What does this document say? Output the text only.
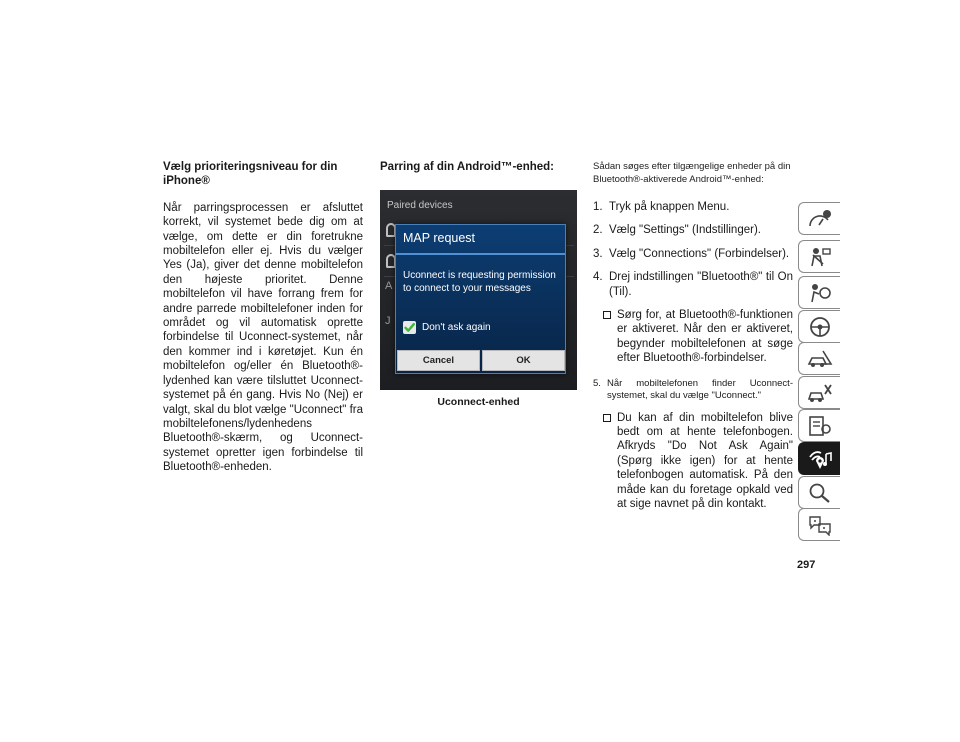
Vælg prioriteringsniveau for din iPhone®

Når parringsprocessen er afsluttet korrekt, vil systemet bede dig om at vælge, om dette er din foretrukne mobiltelefon eller ej. Hvis du vælger Yes (Ja), giver det denne mobiltelefon den højeste prioritet. Denne mobiltelefon vil have forrang frem for andre parrede mobiltelefoner inden for området og vil automatisk oprette forbindelse til Uconnect-systemet, når den kommer ind i køretøjet. Kun én mobiltelefon og/eller én Bluetooth®-lydenhed kan være tilsluttet Uconnect-systemet på én gang. Hvis No (Nej) er valgt, skal du blot vælge "Uconnect" fra mobiltelefonens/lydenhedens Bluetooth®-skærm, og Uconnect-systemet opretter igen forbindelse til Bluetooth®-enheden.

Parring af din Android™-enhed:

Paired devices
A
J
MAP request
Uconnect is requesting permission to connect to your messages
Don't ask again
Cancel	OK
Uconnect-enhed

Sådan søges efter tilgængelige enheder på din Bluetooth®-aktiverede Android™-enhed:

1. Tryk på knappen Menu.
2. Vælg "Settings" (Indstillinger).
3. Vælg "Connections" (Forbindelser).
4. Drej indstillingen "Bluetooth®" til On (Til).
Sørg for, at Bluetooth®-funktionen er aktiveret. Når den er aktiveret, begynder mobiltelefonen at søge efter Bluetooth®-forbindelser.
5. Når mobiltelefonen finder Uconnect-systemet, skal du vælge "Uconnect."
Du kan af din mobiltelefon blive bedt om at hente telefonbogen. Afkryds "Do Not Ask Again" (Spørg ikke igen) for at hente telefonbogen automatisk. På den måde kan du foretage opkald ved at sige navnet på din kontakt.
297
